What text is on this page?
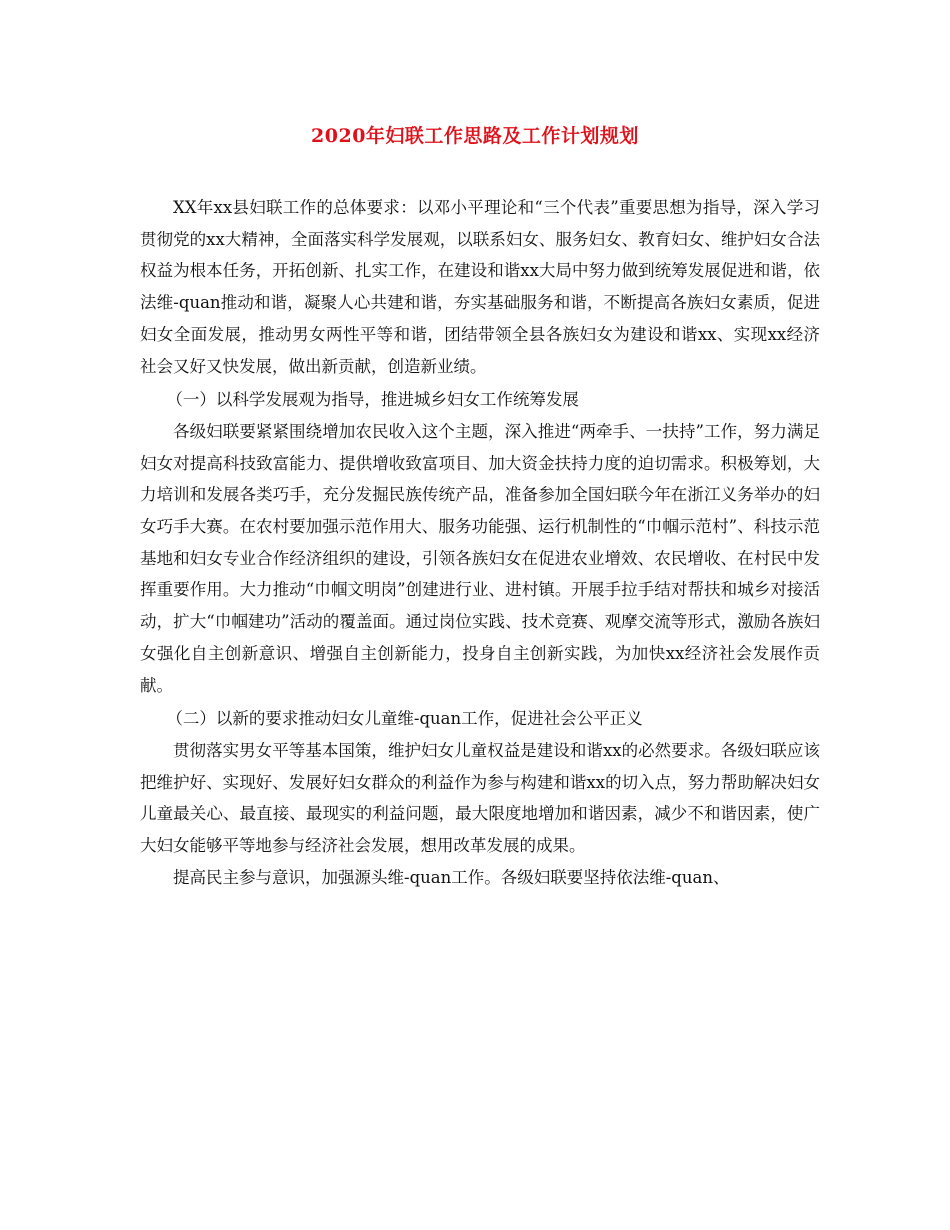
2020年妇联工作思路及工作计划规划

XX年xx县妇联工作的总体要求：以邓小平理论和“三个代表”重要思想为指导，深入学习贯彻党的xx大精神，全面落实科学发展观，以联系妇女、服务妇女、教育妇女、维护妇女合法权益为根本任务，开拓创新、扎实工作，在建设和谐xx大局中努力做到统筹发展促进和谐，依法维-quan推动和谐，凝聚人心共建和谐，夯实基础服务和谐，不断提高各族妇女素质，促进妇女全面发展，推动男女两性平等和谐，团结带领全县各族妇女为建设和谐xx、实现xx经济社会又好又快发展，做出新贡献，创造新业绩。

（一）以科学发展观为指导，推进城乡妇女工作统筹发展

各级妇联要紧紧围绕增加农民收入这个主题，深入推进“两牵手、一扶持”工作，努力满足妇女对提高科技致富能力、提供增收致富项目、加大资金扶持力度的迫切需求。积极筹划，大力培训和发展各类巧手，充分发掘民族传统产品，准备参加全国妇联今年在浙江义务举办的妇女巧手大赛。在农村要加强示范作用大、服务功能强、运行机制性的“巾帼示范村”、科技示范基地和妇女专业合作经济组织的建设，引领各族妇女在促进农业增效、农民增收、在村民中发挥重要作用。大力推动“巾帼文明岗”创建进行业、进村镇。开展手拉手结对帮扶和城乡对接活动，扩大“巾帼建功”活动的覆盖面。通过岗位实践、技术竞赛、观摩交流等形式，激励各族妇女强化自主创新意识、增强自主创新能力，投身自主创新实践，为加快xx经济社会发展作贡献。

（二）以新的要求推动妇女儿童维-quan工作，促进社会公平正义

贯彻落实男女平等基本国策，维护妇女儿童权益是建设和谐xx的必然要求。各级妇联应该把维护好、实现好、发展好妇女群众的利益作为参与构建和谐xx的切入点，努力帮助解决妇女儿童最关心、最直接、最现实的利益问题，最大限度地增加和谐因素，减少不和谐因素，使广大妇女能够平等地参与经济社会发展，想用改革发展的成果。

提高民主参与意识，加强源头维-quan工作。各级妇联要坚持依法维-quan、
